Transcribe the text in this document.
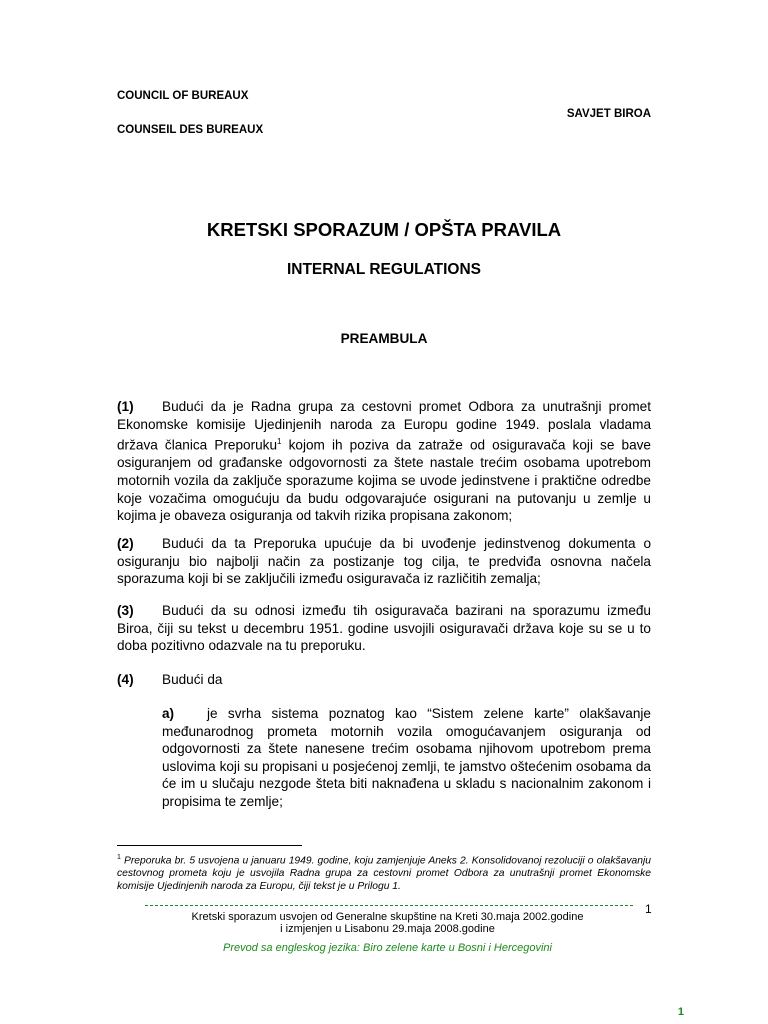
COUNCIL OF BUREAUX
SAVJET BIROA
COUNSEIL DES BUREAUX
KRETSKI SPORAZUM / OPŠTA PRAVILA
INTERNAL REGULATIONS
PREAMBULA
(1) Budući da je Radna grupa za cestovni promet Odbora za unutrašnji promet Ekonomske komisije Ujedinjenih naroda za Europu godine 1949. poslala vladama država članica Preporuku$^1$ kojom ih poziva da zatraže od osiguravača koji se bave osiguranjem od građanske odgovornosti za štete nastale trećim osobama upotrebom motornih vozila da zaključe sporazume kojima se uvode jedinstvene i praktične odredbe koje vozačima omogućuju da budu odgovarajuće osigurani na putovanju u zemlje u kojima je obaveza osiguranja od takvih rizika propisana zakonom;
(2) Budući da ta Preporuka upućuje da bi uvođenje jedinstvenog dokumenta o osiguranju bio najbolji način za postizanje tog cilja, te predviđa osnovna načela sporazuma koji bi se zaključili između osiguravača iz različitih zemalja;
(3) Budući da su odnosi između tih osiguravača bazirani na sporazumu između Biroa, čiji su tekst u decembru 1951. godine usvojili osiguravači država koje su se u to doba pozitivno odazvale na tu preporuku.
(4) Budući da
a) je svrha sistema poznatog kao “Sistem zelene karte” olakšavanje međunarodnog prometa motornih vozila omogućavanjem osiguranja od odgovornosti za štete nanesene trećim osobama njihovom upotrebom prema uslovima koji su propisani u posjećenoj zemlji, te jamstvo oštećenim osobama da će im u slučaju nezgode šteta biti naknađena u skladu s nacionalnim zakonom i propisima te zemlje;
$^1$ Preporuka br. 5 usvojena u januaru 1949. godine, koju zamjenjuje Aneks 2. Konsolidovanoj rezoluciji o olakšavanju cestovnog prometa koju je usvojila Radna grupa za cestovni promet Odbora za unutrašnji promet Ekonomske komisije Ujedinjenih naroda za Europu, čiji tekst je u Prilogu 1.
1
Kretski sporazum usvojen od Generalne skupštine na Kreti 30.maja 2002.godine
i izmjenjen u Lisabonu 29.maja 2008.godine
Prevod sa engleskog jezika: Biro zelene karte u Bosni i Hercegovini
1
